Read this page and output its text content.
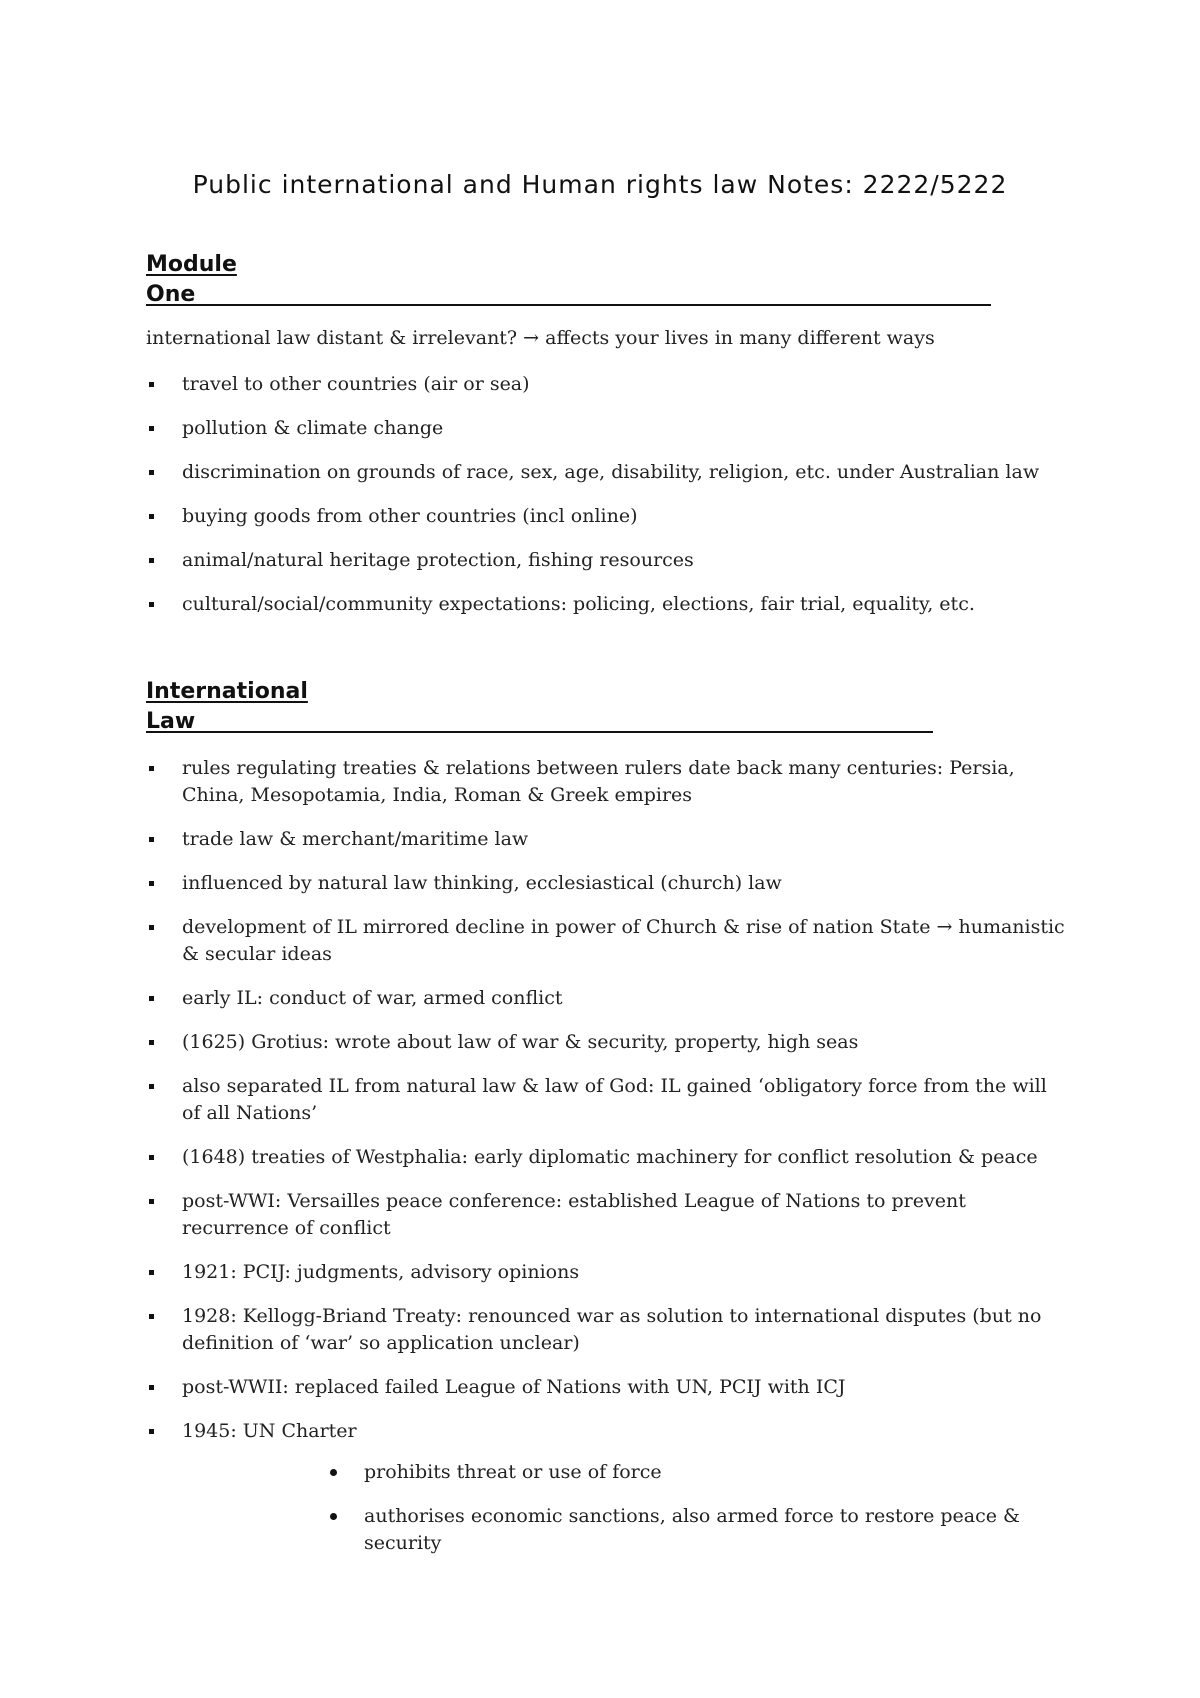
Public international and Human rights law Notes: 2222/5222
Module
One
international law distant & irrelevant? → affects your lives in many different ways
travel to other countries (air or sea)
pollution & climate change
discrimination on grounds of race, sex, age, disability, religion, etc. under Australian law
buying goods from other countries (incl online)
animal/natural heritage protection, fishing resources
cultural/social/community expectations: policing, elections, fair trial, equality, etc.
International
Law
rules regulating treaties & relations between rulers date back many centuries: Persia, China, Mesopotamia, India, Roman & Greek empires
trade law & merchant/maritime law
influenced by natural law thinking, ecclesiastical (church) law
development of IL mirrored decline in power of Church & rise of nation State → humanistic & secular ideas
early IL: conduct of war, armed conflict
(1625) Grotius: wrote about law of war & security, property, high seas
also separated IL from natural law & law of God: IL gained ‘obligatory force from the will of all Nations’
(1648) treaties of Westphalia: early diplomatic machinery for conflict resolution & peace
post-WWI: Versailles peace conference: established League of Nations to prevent recurrence of conflict
1921: PCIJ: judgments, advisory opinions
1928: Kellogg-Briand Treaty: renounced war as solution to international disputes (but no definition of ‘war’ so application unclear)
post-WWII: replaced failed League of Nations with UN, PCIJ with ICJ
1945: UN Charter
prohibits threat or use of force
authorises economic sanctions, also armed force to restore peace & security
